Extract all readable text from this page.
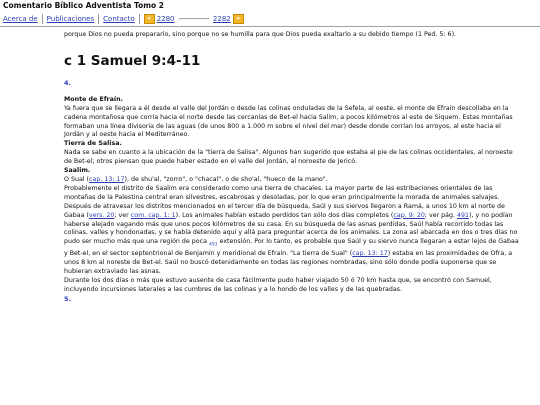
Comentario Bíblico Adventista Tomo 2
Acerca de	Publicaciones	Contacto	« 2280 --------------- 2282 »

porque Dios no pueda prepararlo, sino porque no se humilla para que Dios pueda exaltarlo a su debido tiempo (1 Ped. 5: 6).

c 1 Samuel 9:4-11
4.

Monte de Efraín.

Ya fuera que se llegara a él desde el valle del Jordán o desde las colinas onduladas de la Sefela, al oeste, el monte de Efraín descollaba en la cadena montañosa que corría hacia el norte desde las cercanías de Bet-el hacia Salim, a pocos kilómetros al este de Siquem. Estas montañas formaban una línea divisoria de las aguas (de unos 800 a 1.000 m sobre el nivel del mar) desde donde corrían los arroyos, al este hacia el Jordán y al oeste hacia el Mediterráneo.

Tierra de Salisa.

Nada se sabe en cuanto a la ubicación de la "tierra de Salisa". Algunos han sugerido que estaba al pie de las colinas occidentales, al noroeste de Bet-el; otros piensan que puede haber estado en el valle del Jordán, al noroeste de Jericó.

Saalim.

O Sual (cap. 13: 17), de shu'al, "zorro", o "chacal", o de sho'al, "hueco de la mano".

Probablemente el distrito de Saalim era considerado como una tierra de chacales. La mayor parte de las estribaciones orientales de las montañas de la Palestina central eran silvestres, escabrosas y desoladas, por lo que eran principalmente la morada de animales salvajes.

Después de atravesar los distritos mencionados en el tercer día de búsqueda, Saúl y sus siervos llegaron a Ramá, a unos 10 km al norte de Gabaa (vers. 20; ver com. cap. 1: 1). Los animales habían estado perdidos tan sólo dos días completos (cap. 9: 20; ver pág. 491), y no podían haberse alejado vagando más que unos pocos kilómetros de su casa. En su búsqueda de las asnas perdidas, Saúl había recorrido todas las colinas, valles y hondonadas, y se había detenido aquí y allá para preguntar acerca de los animales. La zona así abarcada en dos o tres días no pudo ser mucho más que una región de poca $_{491}$ extensión. Por lo tanto, es probable que Saúl y su siervo nunca llegaran a estar lejos de Gabaa y Bet-el, en el sector septentrional de Benjamín y meridional de Efraín. "La tierra de Sual" (cap. 13: 17) estaba en las proximidades de Ofra, a unos 8 km al noreste de Bet-el. Saúl no buscó detenidamente en todas las regiones nombradas, sino sólo donde podía suponerse que se hubieran extraviado las asnas.

Durante los dos días o más que estuvo ausente de casa fácilmente pudo haber viajado 50 ó 70 km hasta que, se encontró con Samuel, incluyendo incursiones laterales a las cumbres de las colinas y a lo hondo de los valles y de las quebradas.

5.
